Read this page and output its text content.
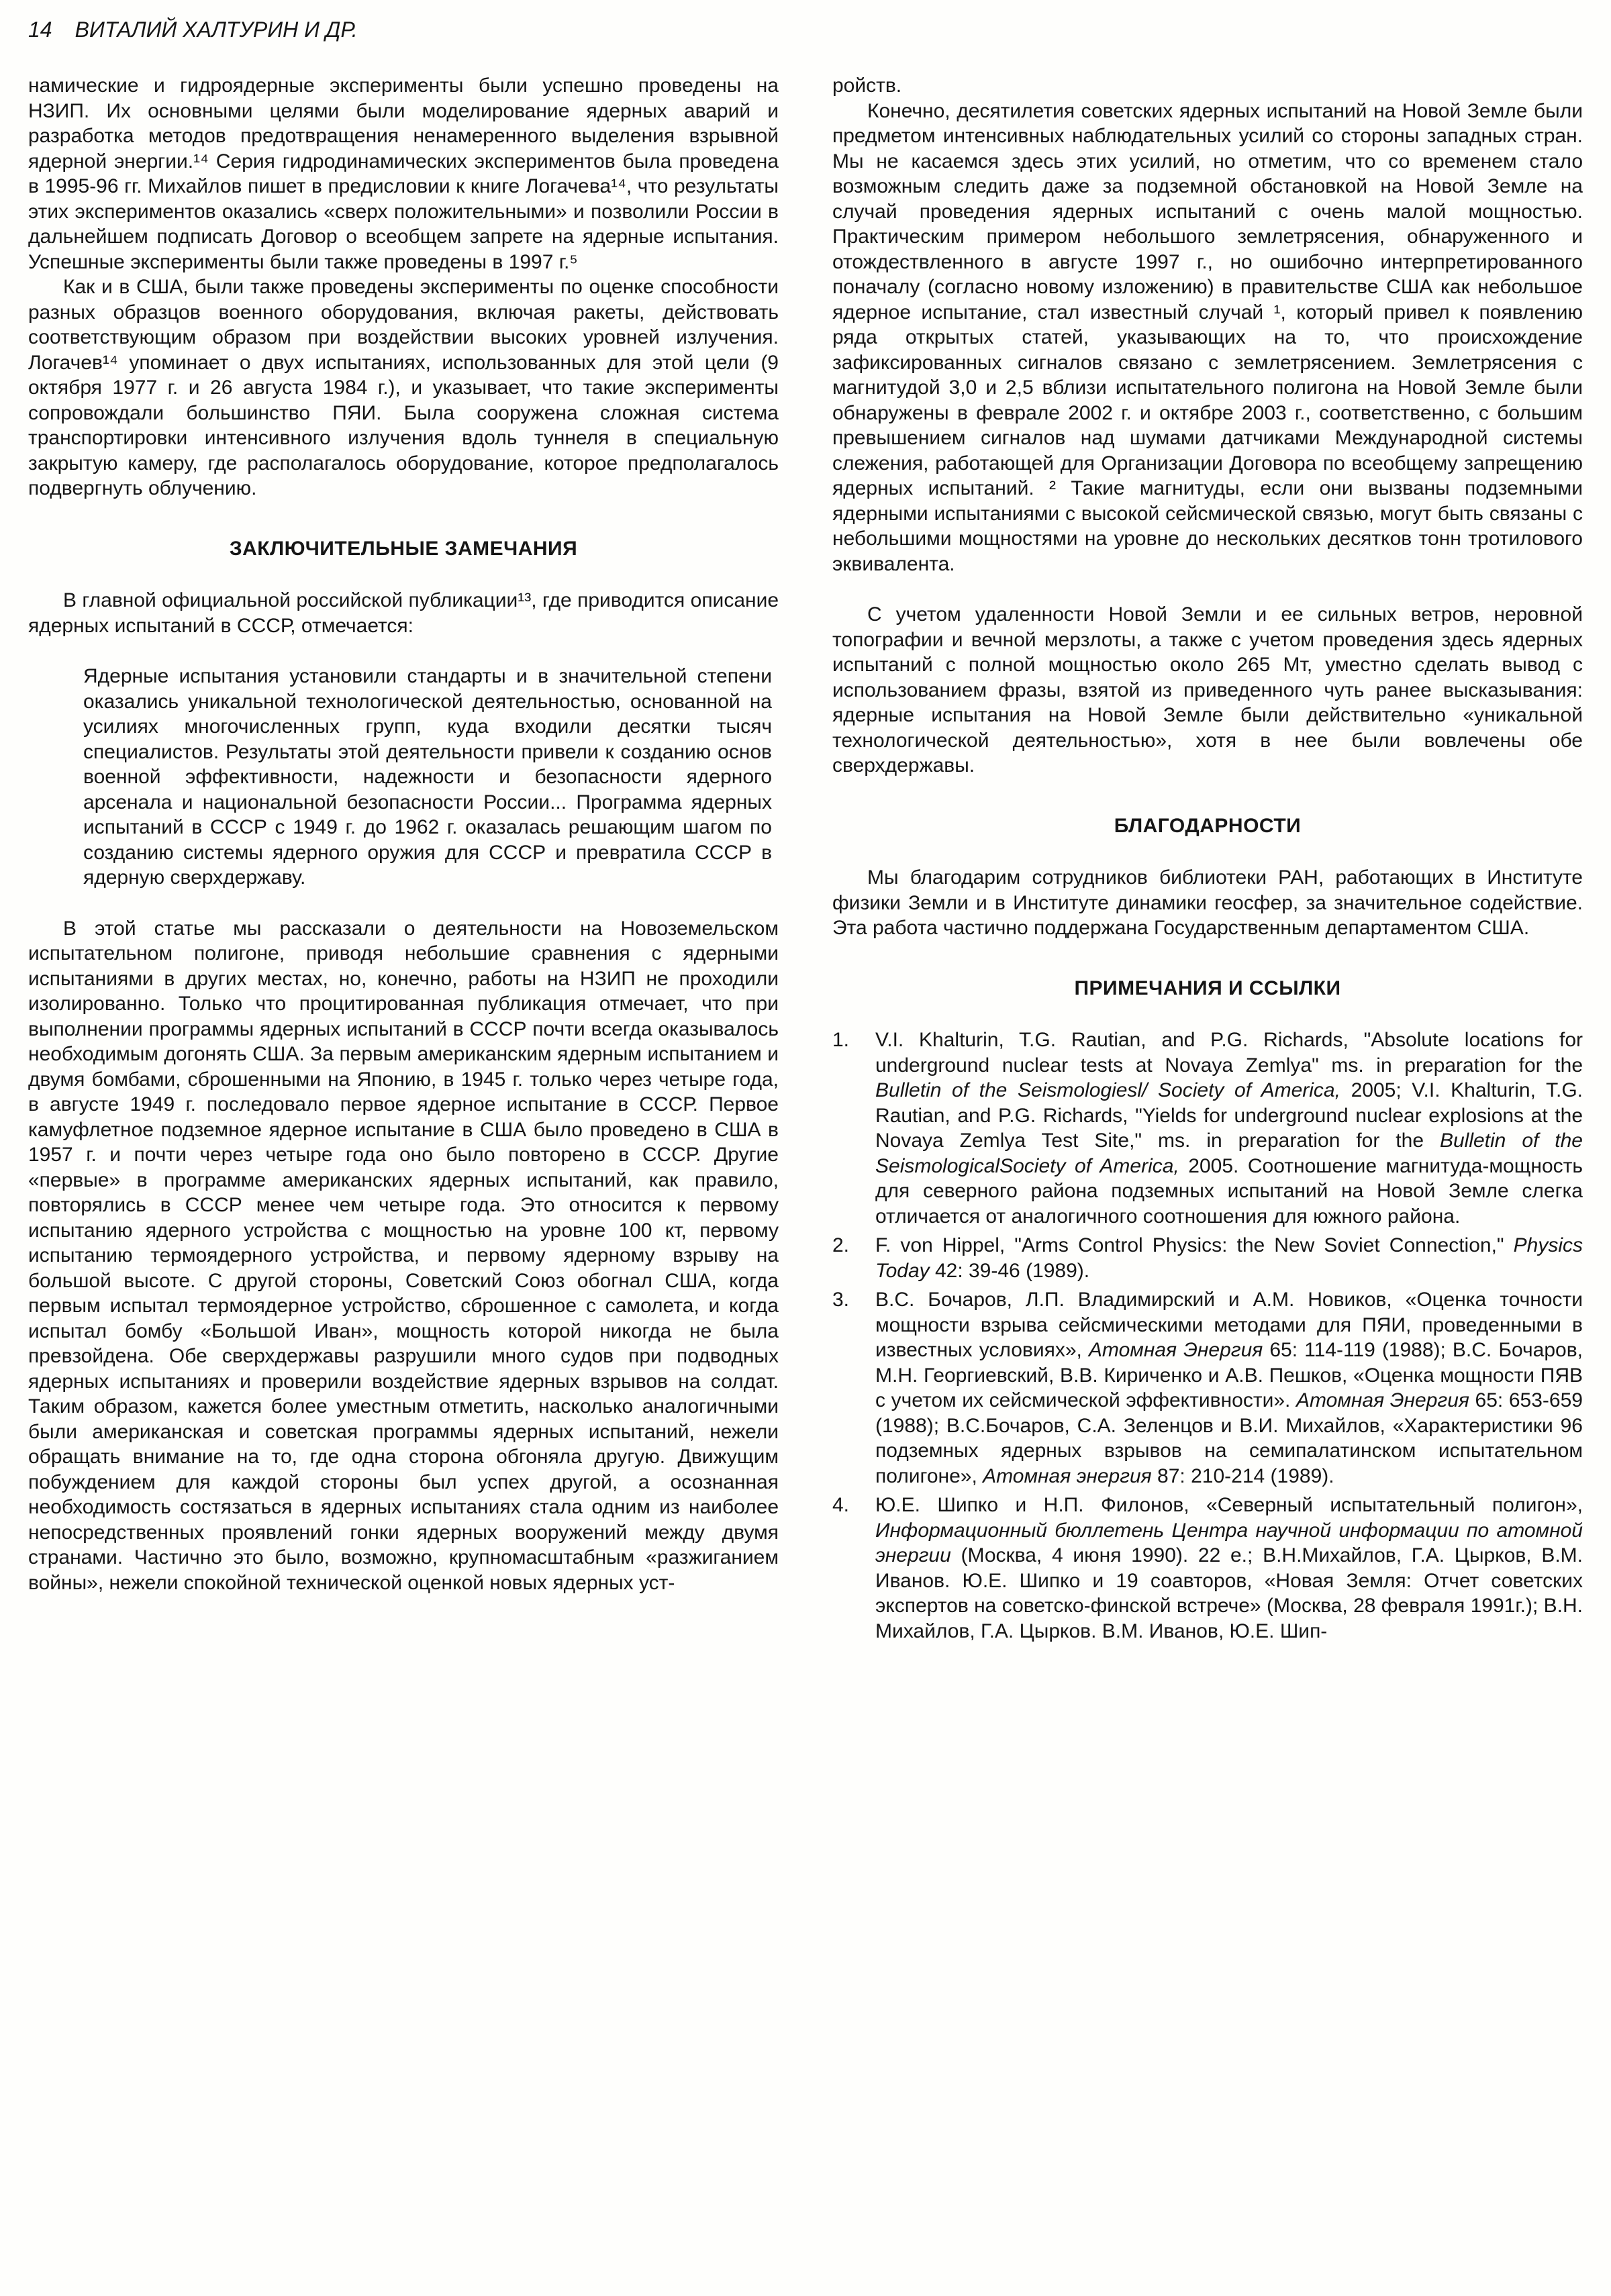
14 ВИТАЛИЙ ХАЛТУРИН И ДР.

намические и гидроядерные эксперименты были успешно проведены на НЗИП. Их основными целями были моделирование ядерных аварий и разработка методов предотвращения ненамеренного выделения взрывной ядерной энергии.¹⁴ Серия гидродинамических экспериментов была проведена в 1995-96 гг. Михайлов пишет в предисловии к книге Логачева¹⁴, что результаты этих экспериментов оказались «сверх положительными» и позволили России в дальнейшем подписать Договор о всеобщем запрете на ядерные испытания. Успешные эксперименты были также проведены в 1997 г.⁵

Как и в США, были также проведены эксперименты по оценке способности разных образцов военного оборудования, включая ракеты, действовать соответствующим образом при воздействии высоких уровней излучения. Логачев¹⁴ упоминает о двух испытаниях, использованных для этой цели (9 октября 1977 г. и 26 августа 1984 г.), и указывает, что такие эксперименты сопровождали большинство ПЯИ. Была сооружена сложная система транспортировки интенсивного излучения вдоль туннеля в специальную закрытую камеру, где располагалось оборудование, которое предполагалось подвергнуть облучению.

ЗАКЛЮЧИТЕЛЬНЫЕ ЗАМЕЧАНИЯ

В главной официальной российской публикации¹³, где приводится описание ядерных испытаний в СССР, отмечается:

Ядерные испытания установили стандарты и в значительной степени оказались уникальной технологической деятельностью, основанной на усилиях многочисленных групп, куда входили десятки тысяч специалистов. Результаты этой деятельности привели к созданию основ военной эффективности, надежности и безопасности ядерного арсенала и национальной безопасности России... Программа ядерных испытаний в СССР с 1949 г. до 1962 г. оказалась решающим шагом по созданию системы ядерного оружия для СССР и превратила СССР в ядерную сверхдержаву.

В этой статье мы рассказали о деятельности на Новоземельском испытательном полигоне, приводя небольшие сравнения с ядерными испытаниями в других местах, но, конечно, работы на НЗИП не проходили изолированно. Только что процитированная публикация отмечает, что при выполнении программы ядерных испытаний в СССР почти всегда оказывалось необходимым догонять США. За первым американским ядерным испытанием и двумя бомбами, сброшенными на Японию, в 1945 г. только через четыре года, в августе 1949 г. последовало первое ядерное испытание в СССР. Первое камуфлетное подземное ядерное испытание в США было проведено в США в 1957 г. и почти через четыре года оно было повторено в СССР. Другие «первые» в программе американских ядерных испытаний, как правило, повторялись в СССР менее чем четыре года. Это относится к первому испытанию ядерного устройства с мощностью на уровне 100 кт, первому испытанию термоядерного устройства, и первому ядерному взрыву на большой высоте. С другой стороны, Советский Союз обогнал США, когда первым испытал термоядерное устройство, сброшенное с самолета, и когда испытал бомбу «Большой Иван», мощность которой никогда не была превзойдена. Обе сверхдержавы разрушили много судов при подводных ядерных испытаниях и проверили воздействие ядерных взрывов на солдат. Таким образом, кажется более уместным отметить, насколько аналогичными были американская и советская программы ядерных испытаний, нежели обращать внимание на то, где одна сторона обгоняла другую. Движущим побуждением для каждой стороны был успех другой, а осознанная необходимость состязаться в ядерных испытаниях стала одним из наиболее непосредственных проявлений гонки ядерных вооружений между двумя странами. Частично это было, возможно, крупномасштабным «разжиганием войны», нежели спокойной технической оценкой новых ядерных уст-

ройств.

Конечно, десятилетия советских ядерных испытаний на Новой Земле были предметом интенсивных наблюдательных усилий со стороны западных стран. Мы не касаемся здесь этих усилий, но отметим, что со временем стало возможным следить даже за подземной обстановкой на Новой Земле на случай проведения ядерных испытаний с очень малой мощностью. Практическим примером небольшого землетрясения, обнаруженного и отождествленного в августе 1997 г., но ошибочно интерпретированного поначалу (согласно новому изложению) в правительстве США как небольшое ядерное испытание, стал известный случай ¹, который привел к появлению ряда открытых статей, указывающих на то, что происхождение зафиксированных сигналов связано с землетрясением. Землетрясения с магнитудой 3,0 и 2,5 вблизи испытательного полигона на Новой Земле были обнаружены в феврале 2002 г. и октябре 2003 г., соответственно, с большим превышением сигналов над шумами датчиками Международной системы слежения, работающей для Организации Договора по всеобщему запрещению ядерных испытаний. ² Такие магнитуды, если они вызваны подземными ядерными испытаниями с высокой сейсмической связью, могут быть связаны с небольшими мощностями на уровне до нескольких десятков тонн тротилового эквивалента.

С учетом удаленности Новой Земли и ее сильных ветров, неровной топографии и вечной мерзлоты, а также с учетом проведения здесь ядерных испытаний с полной мощностью около 265 Мт, уместно сделать вывод с использованием фразы, взятой из приведенного чуть ранее высказывания: ядерные испытания на Новой Земле были действительно «уникальной технологической деятельностью», хотя в нее были вовлечены обе сверхдержавы.

БЛАГОДАРНОСТИ

Мы благодарим сотрудников библиотеки РАН, работающих в Институте физики Земли и в Институте динамики геосфер, за значительное содействие. Эта работа частично поддержана Государственным департаментом США.

ПРИМЕЧАНИЯ И ССЫЛКИ
1.	V.I. Khalturin, T.G. Rautian, and P.G. Richards, "Absolute locations for underground nuclear tests at Novaya Zemlya" ms. in preparation for the Bulletin of the Seismologiesl/ Society of America, 2005; V.I. Khalturin, T.G. Rautian, and P.G. Richards, "Yields for underground nuclear explosions at the Novaya Zemlya Test Site," ms. in preparation for the Bulletin of the SeismologicalSociety of America, 2005. Соотношение магнитуда-мощность для северного района подземных испытаний на Новой Земле слегка отличается от аналогичного соотношения для южного района.
2.	F. von Hippel, "Arms Control Physics: the New Soviet Connection," Physics Today 42: 39-46 (1989).
3.	В.С. Бочаров, Л.П. Владимирский и А.М. Новиков, «Оценка точности мощности взрыва сейсмическими методами для ПЯИ, проведенными в известных условиях», Атомная Энергия 65: 114-119 (1988); В.С. Бочаров, М.Н. Георгиевский, В.В. Кириченко и А.В. Пешков, «Оценка мощности ПЯВ с учетом их сейсмической эффективности». Атомная Энергия 65: 653-659 (1988); В.С.Бочаров, С.А. Зеленцов и В.И. Михайлов, «Характеристики 96 подземных ядерных взрывов на семипалатинском испытательном полигоне», Атомная энергия 87: 210-214 (1989).
4.	Ю.Е. Шипко и Н.П. Филонов, «Северный испытательный полигон», Информационный бюллетень Центра научной информации по атомной энергии (Москва, 4 июня 1990). 22 е.; В.Н.Михайлов, Г.А. Цырков, В.М. Иванов. Ю.Е. Шипко и 19 соавторов, «Новая Земля: Отчет советских экспертов на советско-финской встрече» (Москва, 28 февраля 1991г.); В.Н. Михайлов, Г.А. Цырков. В.М. Иванов, Ю.Е. Шип-
